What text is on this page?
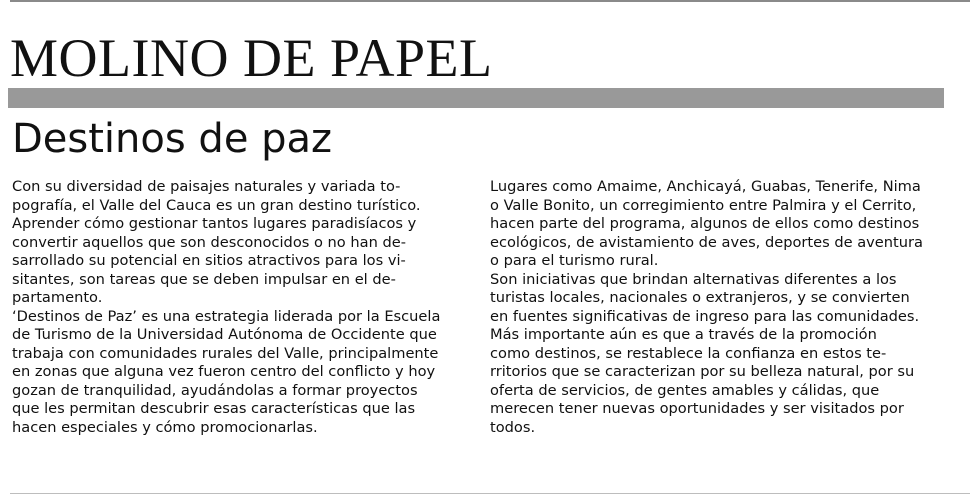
MOLINO DE PAPEL
Destinos de paz
Con su diversidad de paisajes naturales y variada to-
pografía, el Valle del Cauca es un gran destino turístico.
Aprender cómo gestionar tantos lugares paradisíacos y
convertir aquellos que son desconocidos o no han de-
sarrollado su potencial en sitios atractivos para los vi-
sitantes, son tareas que se deben impulsar en el de-
partamento.
‘Destinos de Paz’ es una estrategia liderada por la Escuela
de Turismo de la Universidad Autónoma de Occidente que
trabaja con comunidades rurales del Valle, principalmente
en zonas que alguna vez fueron centro del conflicto y hoy
gozan de tranquilidad, ayudándolas a formar proyectos
que les permitan descubrir esas características que las
hacen especiales y cómo promocionarlas.
Lugares como Amaime, Anchicayá, Guabas, Tenerife, Nima
o Valle Bonito, un corregimiento entre Palmira y el Cerrito,
hacen parte del programa, algunos de ellos como destinos
ecológicos, de avistamiento de aves, deportes de aventura
o para el turismo rural.
Son iniciativas que brindan alternativas diferentes a los
turistas locales, nacionales o extranjeros, y se convierten
en fuentes significativas de ingreso para las comunidades.
Más importante aún es que a través de la promoción
como destinos, se restablece la confianza en estos te-
rritorios que se caracterizan por su belleza natural, por su
oferta de servicios, de gentes amables y cálidas, que
merecen tener nuevas oportunidades y ser visitados por
todos.
